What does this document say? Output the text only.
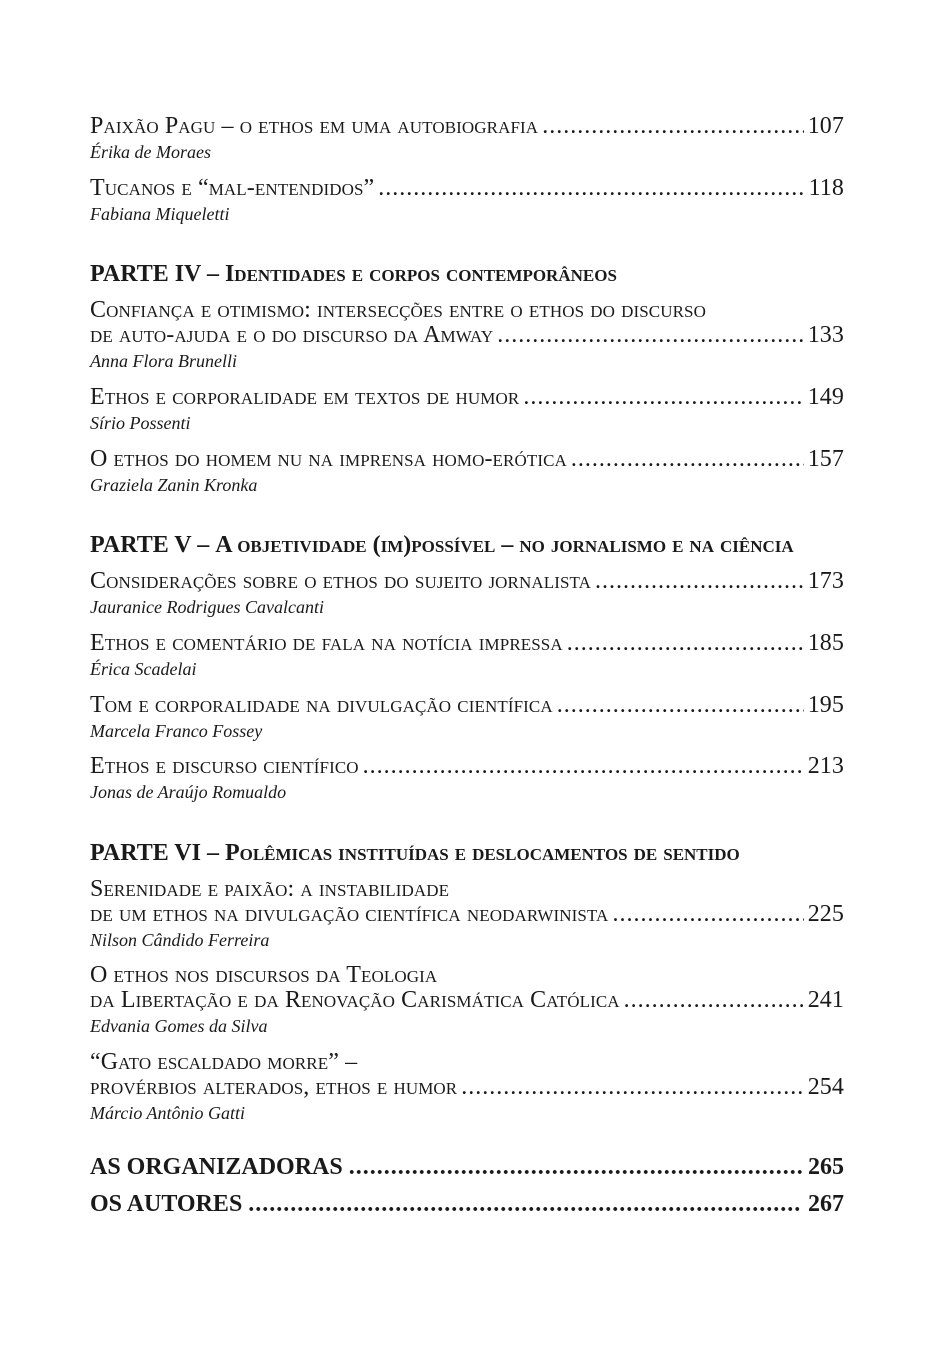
Paixão Pagu – o ethos em uma autobiografia .....	107
Érika de Moraes
Tucanos e “mal-entendidos” .....	118
Fabiana Miqueletti
PARTE IV – Identidades e corpos contemporâneos
Confiança e otimismo: intersecções entre o ethos do discurso
de auto-ajuda e o do discurso da Amway .....	133
Anna Flora Brunelli
Ethos e corporalidade em textos de humor .....	149
Sírio Possenti
O ethos do homem nu na imprensa homo-erótica .....	157
Graziela Zanin Kronka
PARTE V – A objetividade (im)possível – no jornalismo e na ciência
Considerações sobre o ethos do sujeito jornalista .....	173
Jauranice Rodrigues Cavalcanti
Ethos e comentário de fala na notícia impressa .....	185
Érica Scadelai
Tom e corporalidade na divulgação científica .....	195
Marcela Franco Fossey
Ethos e discurso científico .....	213
Jonas de Araújo Romualdo
PARTE VI – Polêmicas instituídas e deslocamentos de sentido
Serenidade e paixão: a instabilidade
de um ethos na divulgação científica neodarwinista .....	225
Nilson Cândido Ferreira
O ethos nos discursos da Teologia
da Libertação e da Renovação Carismática Católica .....	241
Edvania Gomes da Silva
“Gato escaldado morre” –
provérbios alterados, ethos e humor .....	254
Márcio Antônio Gatti
AS ORGANIZADORAS .....	265
OS AUTORES .....	267
